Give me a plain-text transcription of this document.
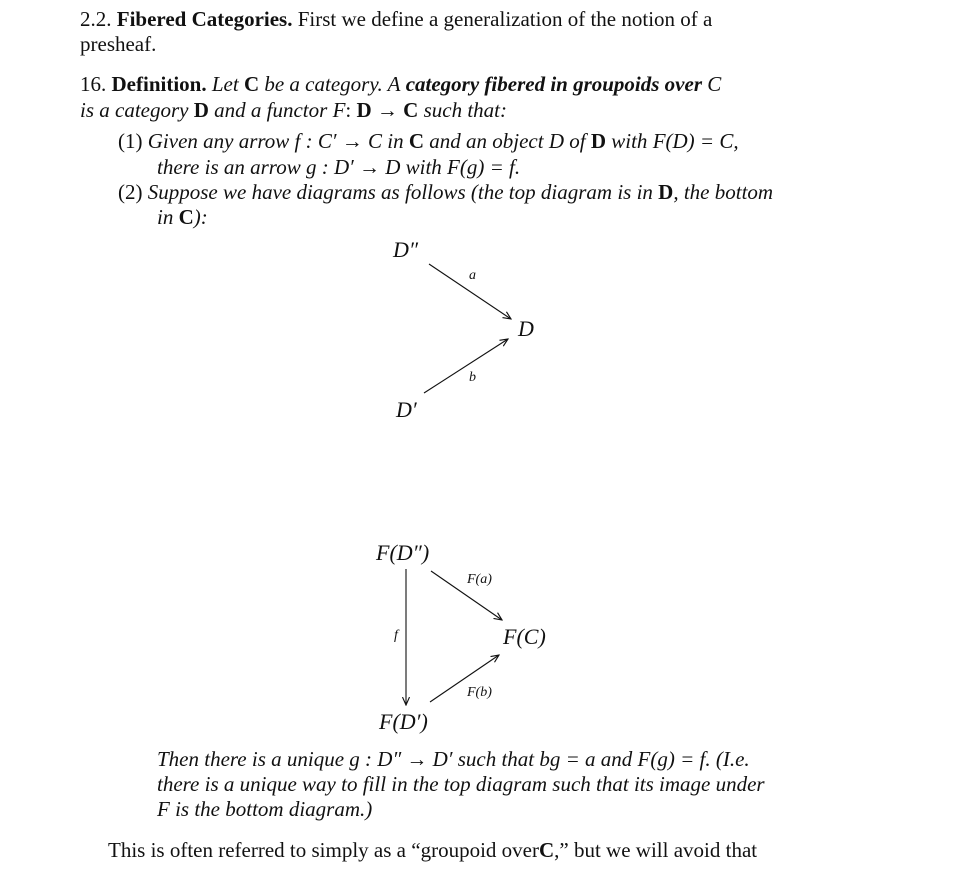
2.2. Fibered Categories. First we define a generalization of the notion of a
presheaf.
16. Definition. Let C be a category. A category fibered in groupoids over C
is a category D and a functor F: D → C such that:
(1) Given any arrow f : C′ → C in C and an object D of D with F(D) = C,
there is an arrow g : D′ → D with F(g) = f.
(2) Suppose we have diagrams as follows (the top diagram is in D, the bottom
in C):
D″
a
D
b
D′
F(D″)
F(a)
f	F(C)
F(b)
F(D′)
Then there is a unique g : D″ → D′ such that bg = a and F(g) = f. (I.e.
there is a unique way to fill in the top diagram such that its image under
F is the bottom diagram.)
This is often referred to simply as a “groupoid overC,” but we will avoid that
